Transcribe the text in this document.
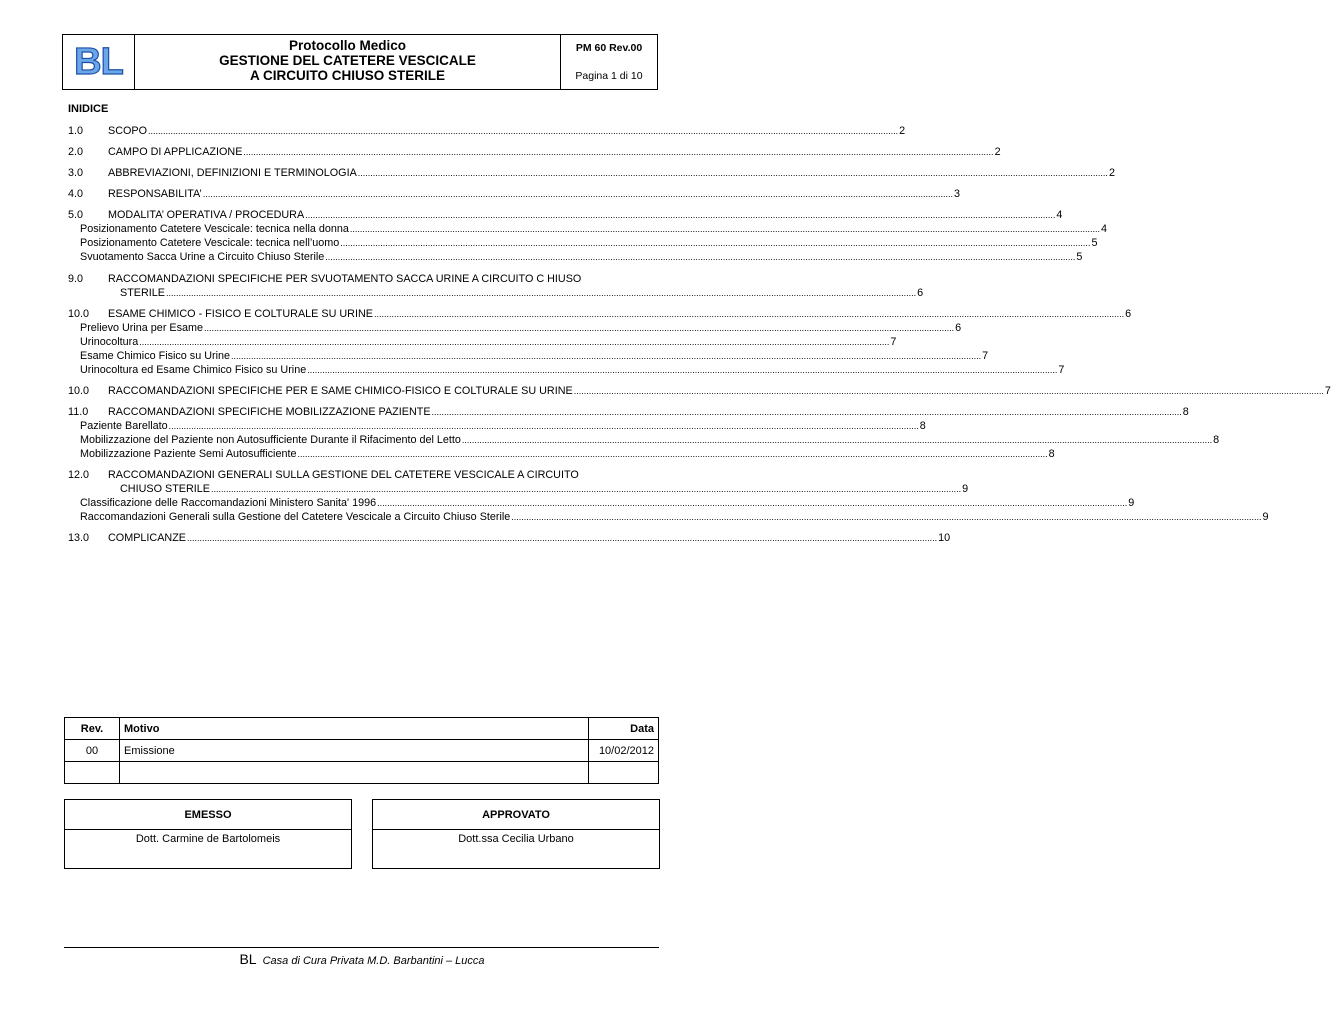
BL	Protocollo Medico
GESTIONE DEL CATETERE VESCICALE
A CIRCUITO CHIUSO STERILE
PM 60 Rev.00
Pagina 1 di 10
INIDICE
1.0	SCOPO ............................................................................................................................................................................................................................................................................................................ 2
2.0	CAMPO DI APPLICAZIONE ............................................................................................................................................................................................................................................................................................................ 2
3.0	ABBREVIAZIONI, DEFINIZIONI E TERMINOLOGIA ............................................................................................................................................................................................................................................................................................................ 2
4.0	RESPONSABILITA’ ............................................................................................................................................................................................................................................................................................................ 3
5.0	MODALITA’ OPERATIVA / PROCEDURA ............................................................................................................................................................................................................................................................................................................ 4
Posizionamento Catetere Vescicale: tecnica nella donna ............................................................................................................................................................................................................................................................................................................ 4
Posizionamento Catetere Vescicale: tecnica nell’uomo ............................................................................................................................................................................................................................................................................................................ 5
Svuotamento Sacca Urine a Circuito Chiuso Sterile ............................................................................................................................................................................................................................................................................................................ 5
9.0	RACCOMANDAZIONI SPECIFICHE PER SVUOTAMENTO SACCA URINE A CIRCUITO C HIUSO
STERILE ............................................................................................................................................................................................................................................................................................................ 6
10.0	ESAME CHIMICO - FISICO E COLTURALE SU URINE ............................................................................................................................................................................................................................................................................................................ 6
Prelievo Urina per Esame ............................................................................................................................................................................................................................................................................................................ 6
Urinocoltura ............................................................................................................................................................................................................................................................................................................ 7
Esame Chimico Fisico su Urine ............................................................................................................................................................................................................................................................................................................ 7
Urinocoltura ed Esame Chimico Fisico su Urine ............................................................................................................................................................................................................................................................................................................ 7
10.0	RACCOMANDAZIONI SPECIFICHE PER E SAME CHIMICO-FISICO E COLTURALE SU URINE ............................................................................................................................................................................................................................................................................................................ 7
11.0	RACCOMANDAZIONI SPECIFICHE MOBILIZZAZIONE PAZIENTE ............................................................................................................................................................................................................................................................................................................ 8
Paziente Barellato ............................................................................................................................................................................................................................................................................................................ 8
Mobilizzazione del Paziente non Autosufficiente Durante il Rifacimento del Letto ............................................................................................................................................................................................................................................................................................................ 8
Mobilizzazione Paziente Semi Autosufficiente ............................................................................................................................................................................................................................................................................................................ 8
12.0	RACCOMANDAZIONI GENERALI SULLA GESTIONE DEL CATETERE VESCICALE A CIRCUITO
CHIUSO STERILE ............................................................................................................................................................................................................................................................................................................ 9
Classificazione delle Raccomandazioni Ministero Sanita' 1996 ............................................................................................................................................................................................................................................................................................................ 9
Raccomandazioni Generali sulla Gestione del Catetere Vescicale a Circuito Chiuso Sterile ............................................................................................................................................................................................................................................................................................................ 9
13.0	COMPLICANZE ............................................................................................................................................................................................................................................................................................................ 10
Rev.	Motivo	Data
00	Emissione	10/02/2012

EMESSO
Dott. Carmine de Bartolomeis
APPROVATO
Dott.ssa Cecilia Urbano
BL Casa di Cura Privata M.D. Barbantini – Lucca
